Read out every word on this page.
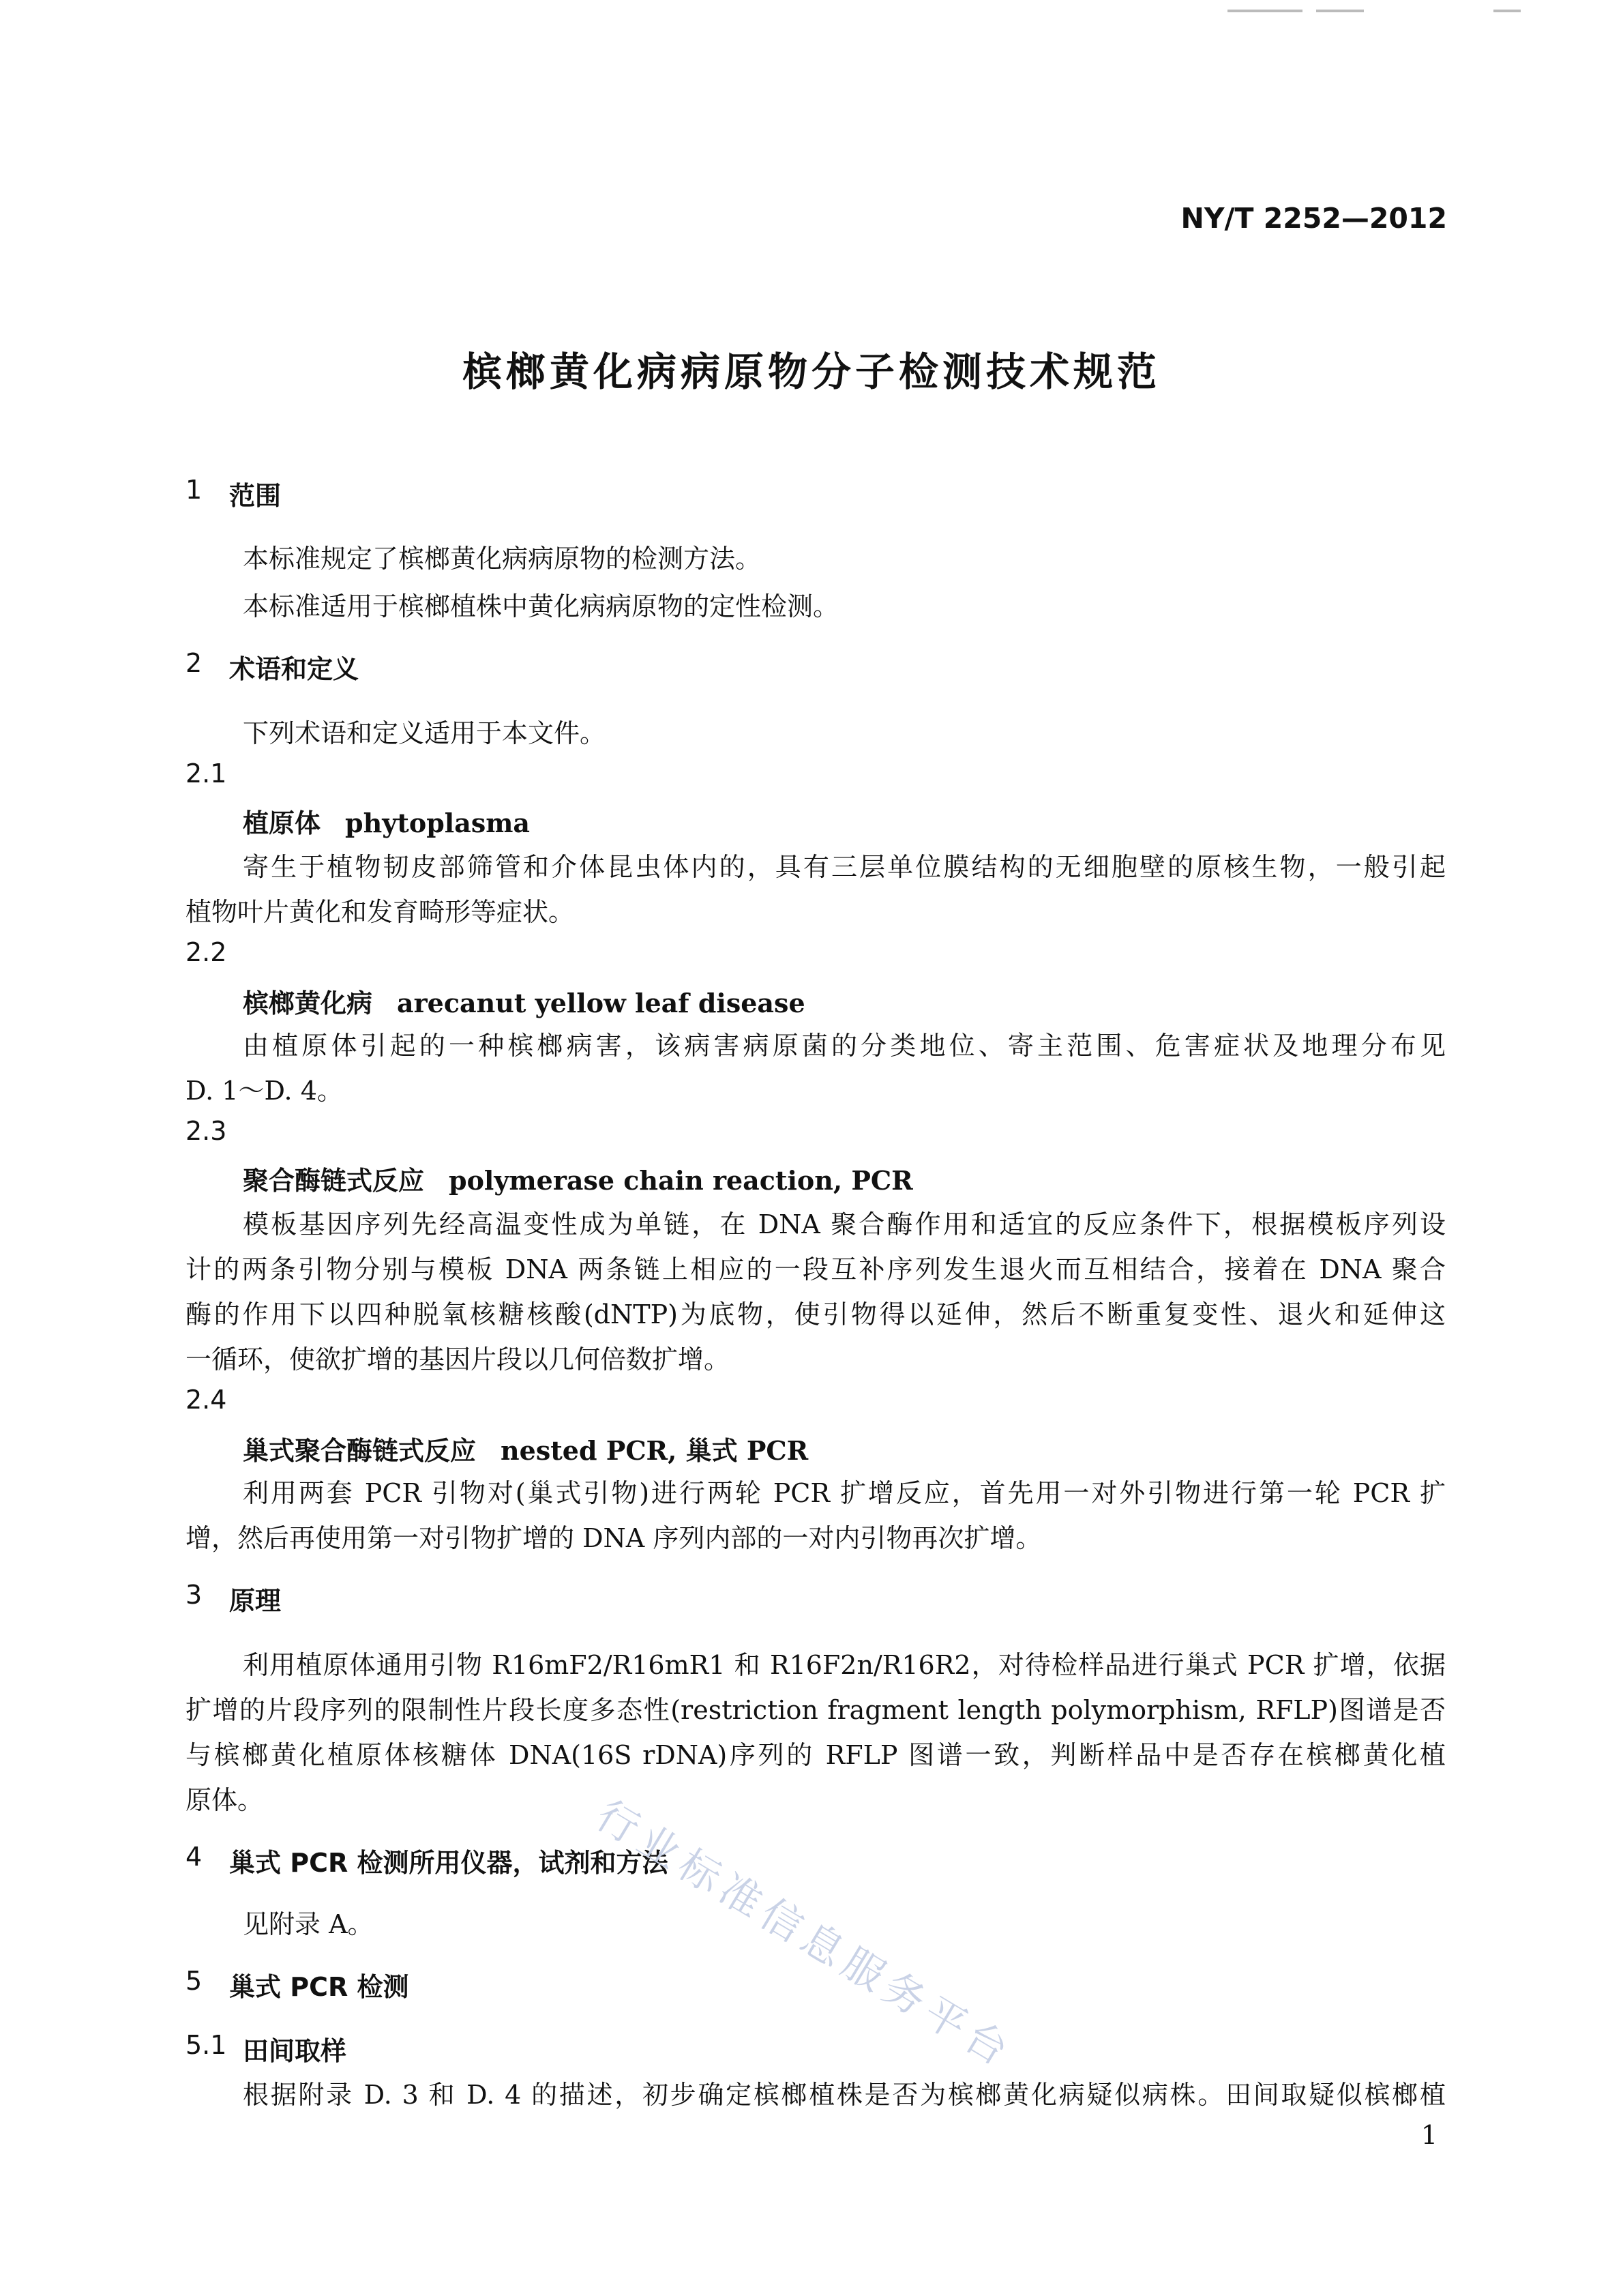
NY/T 2252—2012
槟榔黄化病病原物分子检测技术规范
1 范围
本标准规定了槟榔黄化病病原物的检测方法。
本标准适用于槟榔植株中黄化病病原物的定性检测。
2 术语和定义
下列术语和定义适用于本文件。
2.1
植原体 phytoplasma
寄生于植物韧皮部筛管和介体昆虫体内的，具有三层单位膜结构的无细胞壁的原核生物，一般引起
植物叶片黄化和发育畸形等症状。
2.2
槟榔黄化病 arecanut yellow leaf disease
由植原体引起的一种槟榔病害，该病害病原菌的分类地位、寄主范围、危害症状及地理分布见
D. 1～D. 4。
2.3
聚合酶链式反应 polymerase chain reaction, PCR
模板基因序列先经高温变性成为单链，在 DNA 聚合酶作用和适宜的反应条件下，根据模板序列设
计的两条引物分别与模板 DNA 两条链上相应的一段互补序列发生退火而互相结合，接着在 DNA 聚合
酶的作用下以四种脱氧核糖核酸(dNTP)为底物，使引物得以延伸，然后不断重复变性、退火和延伸这
一循环，使欲扩增的基因片段以几何倍数扩增。
2.4
巢式聚合酶链式反应 nested PCR, 巢式 PCR
利用两套 PCR 引物对(巢式引物)进行两轮 PCR 扩增反应，首先用一对外引物进行第一轮 PCR 扩
增，然后再使用第一对引物扩增的 DNA 序列内部的一对内引物再次扩增。
3 原理
利用植原体通用引物 R16mF2/R16mR1 和 R16F2n/R16R2，对待检样品进行巢式 PCR 扩增，依据
扩增的片段序列的限制性片段长度多态性(restriction fragment length polymorphism, RFLP)图谱是否
与槟榔黄化植原体核糖体 DNA(16S rDNA)序列的 RFLP 图谱一致，判断样品中是否存在槟榔黄化植
原体。
4 巢式 PCR 检测所用仪器，试剂和方法
见附录 A。
5 巢式 PCR 检测
5.1 田间取样
根据附录 D. 3 和 D. 4 的描述，初步确定槟榔植株是否为槟榔黄化病疑似病株。田间取疑似槟榔植
行业标准信息服务平台
1
